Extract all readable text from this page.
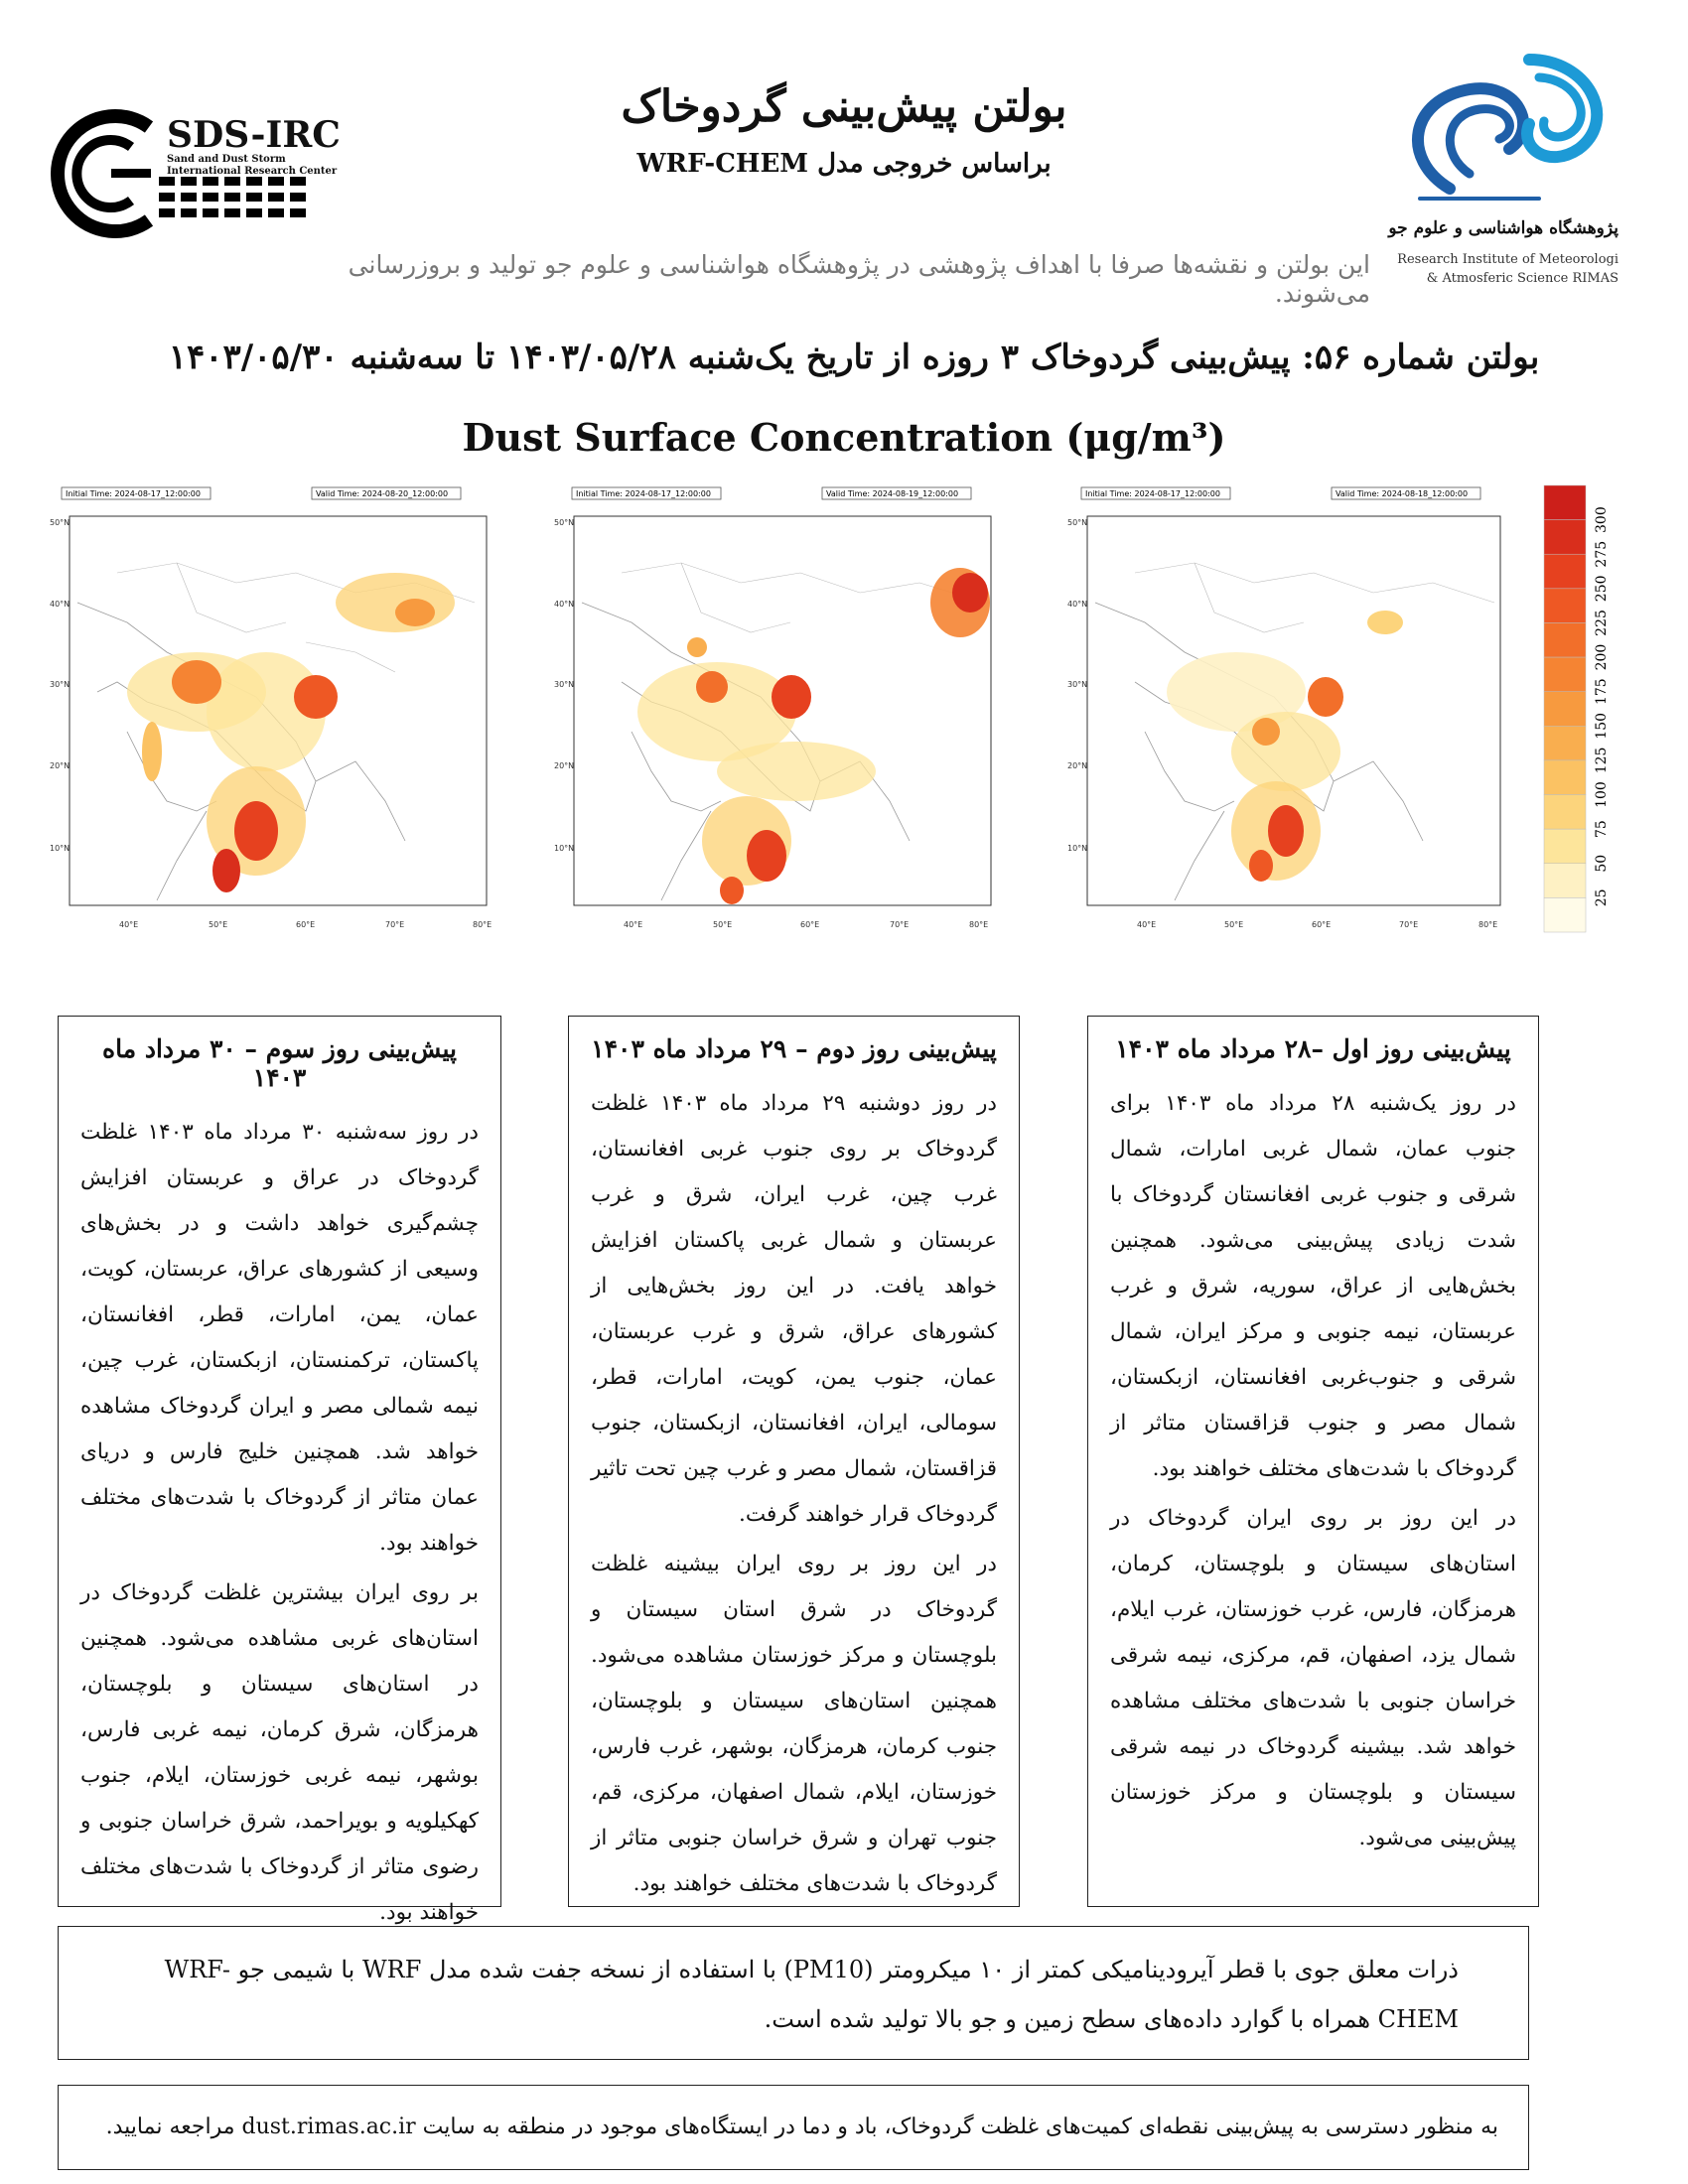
بولتن پیش‌بینی گردوخاک
براساس خروجی مدل WRF-CHEM
این بولتن و نقشه‌ها صرفا با اهداف پژوهشی در پژوهشگاه هواشناسی و علوم جو تولید و بروزرسانی می‌شوند.
SDS-IRC
Sand and Dust Storm International Research Center
پژوهشگاه هواشناسی و علوم جو
Research Institute of Meteorologi
& Atmosferic Science RIMAS
بولتن شماره ۵۶: پیش‌بینی گردوخاک ۳ روزه از تاریخ یک‌شنبه ۱۴۰۳/۰۵/۲۸ تا سه‌شنبه ۱۴۰۳/۰۵/۳۰
Dust Surface Concentration (μg/m³)
Initial Time: 2024-08-17_12:00:00	Valid Time: 2024-08-20_12:00:00
50°N
40°N
30°N
20°N
10°N
40°E	50°E	60°E	70°E	80°E
Initial Time: 2024-08-17_12:00:00	Valid Time: 2024-08-19_12:00:00
50°N
40°N
30°N
20°N
10°N
40°E	50°E	60°E	70°E	80°E
Initial Time: 2024-08-17_12:00:00	Valid Time: 2024-08-18_12:00:00
50°N
40°N
30°N
20°N
10°N
40°E	50°E	60°E	70°E	80°E
300
275
250
225
200
175
150
125
100
75
50
25
پیش‌بینی روز اول –۲۸ مرداد ماه ۱۴۰۳

در روز یک‌شنبه ۲۸ مرداد ماه ۱۴۰۳ برای جنوب عمان، شمال غربی امارات، شمال شرقی و جنوب غربی افغانستان گردوخاک با شدت زیادی پیش‌بینی می‌شود. همچنین بخش‌هایی از عراق، سوریه، شرق و غرب عربستان، نیمه جنوبی و مرکز ایران، شمال شرقی و جنوب‌غربی افغانستان، ازبکستان، شمال مصر و جنوب قزاقستان متاثر از گردوخاک با شدت‌های مختلف خواهند بود.

در این روز بر روی ایران گردوخاک در استان‌های سیستان و بلوچستان، کرمان، هرمزگان، فارس، غرب خوزستان، غرب ایلام، شمال یزد، اصفهان، قم، مرکزی، نیمه شرقی خراسان جنوبی با شدت‌های مختلف مشاهده خواهد شد. بیشینه گردوخاک در نیمه شرقی سیستان و بلوچستان و مرکز خوزستان پیش‌بینی می‌شود.

پیش‌بینی روز دوم – ۲۹ مرداد ماه ۱۴۰۳

در روز دوشنبه ۲۹ مرداد ماه ۱۴۰۳ غلظت گردوخاک بر روی جنوب غربی افغانستان، غرب چین، غرب ایران، شرق و غرب عربستان و شمال غربی پاکستان افزایش خواهد یافت. در این روز بخش‌هایی از کشورهای عراق، شرق و غرب عربستان، عمان، جنوب یمن، کویت، امارات، قطر، سومالی، ایران، افغانستان، ازبکستان، جنوب قزاقستان، شمال مصر و غرب چین تحت تاثیر گردوخاک قرار خواهند گرفت.

در این روز بر روی ایران بیشینه غلظت گردوخاک در شرق استان سیستان و بلوچستان و مرکز خوزستان مشاهده می‌شود. همچنین استان‌های سیستان و بلوچستان، جنوب کرمان، هرمزگان، بوشهر، غرب فارس، خوزستان، ایلام، شمال اصفهان، مرکزی، قم، جنوب تهران و شرق خراسان جنوبی متاثر از گردوخاک با شدت‌های مختلف خواهند بود.

پیش‌بینی روز سوم – ۳۰ مرداد ماه ۱۴۰۳

در روز سه‌شنبه ۳۰ مرداد ماه ۱۴۰۳ غلظت گردوخاک در عراق و عربستان افزایش چشم‌گیری خواهد داشت و در بخش‌های وسیعی از کشورهای عراق، عربستان، کویت، عمان، یمن، امارات، قطر، افغانستان، پاکستان، ترکمنستان، ازبکستان، غرب چین، نیمه شمالی مصر و ایران گردوخاک مشاهده خواهد شد. همچنین خلیج فارس و دریای عمان متاثر از گردوخاک با شدت‌های مختلف خواهند بود.

بر روی ایران بیشترین غلظت گردوخاک در استان‌های غربی مشاهده می‌شود. همچنین در استان‌های سیستان و بلوچستان، هرمزگان، شرق کرمان، نیمه غربی فارس، بوشهر، نیمه غربی خوزستان، ایلام، جنوب کهکیلویه و بویراحمد، شرق خراسان جنوبی و رضوی متاثر از گردوخاک با شدت‌های مختلف خواهند بود.

ذرات معلق جوی با قطر آیرودینامیکی کمتر از ۱۰ میکرومتر (PM10) با استفاده از نسخه جفت شده مدل WRF با شیمی جو WRF-CHEM همراه با گوارد داده‌های سطح زمین و جو بالا تولید شده است.
به منظور دسترسی به پیش‌بینی نقطه‌ای کمیت‌های غلظت گردوخاک، باد و دما در ایستگاه‌های موجود در منطقه به سایت dust.rimas.ac.ir مراجعه نمایید.
